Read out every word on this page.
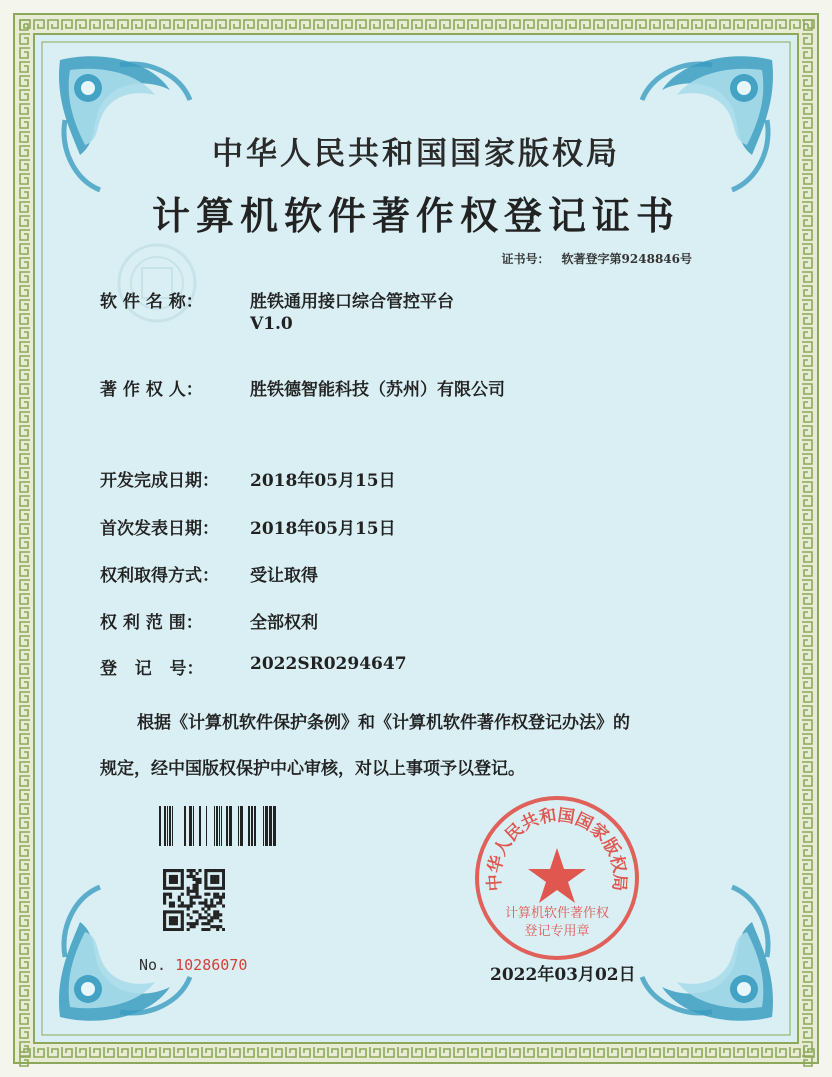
中华人民共和国国家版权局
计算机软件著作权登记证书
证书号： 软著登字第9248846号
软 件 名 称：	胜铁通用接口综合管控平台
V1.0
著 作 权 人：	胜铁德智能科技（苏州）有限公司
开发完成日期： 2018年05月15日
首次发表日期： 2018年05月15日
权利取得方式： 受让取得
权 利 范 围：	全部权利
登   记   号：	2022SR0294647
根据《计算机软件保护条例》和《计算机软件著作权登记办法》的
规定，经中国版权保护中心审核，对以上事项予以登记。
No. 10286070
中华人民共和国国家版权局
计算机软件著作权
登记专用章
2022年03月02日
